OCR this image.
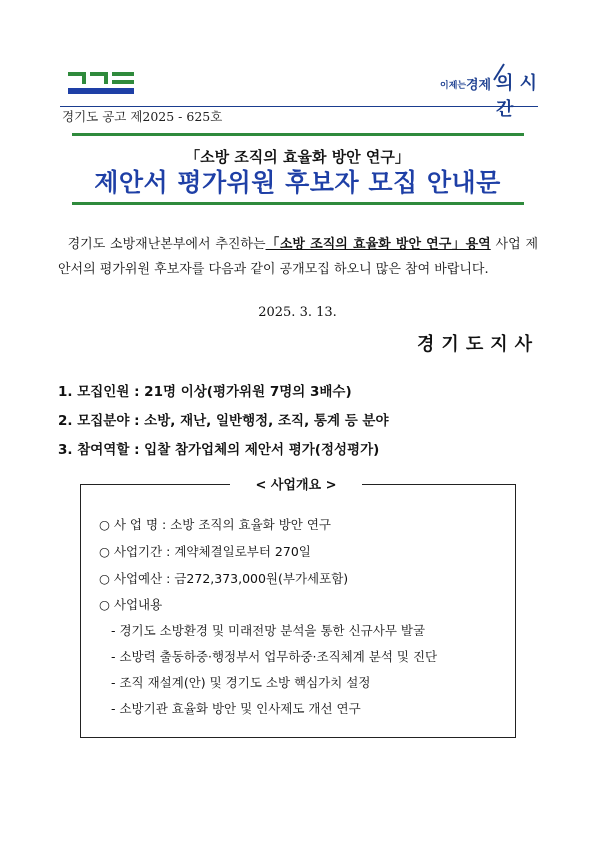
이제는 경제 의 시간
경기도 공고 제2025 - 625호
「소방 조직의 효율화 방안 연구」
제안서 평가위원 후보자 모집 안내문
경기도 소방재난본부에서 추진하는「소방 조직의 효율화 방안 연구」용역 사업 제안서의 평가위원 후보자를 다음과 같이 공개모집 하오니 많은 참여 바랍니다.
2025. 3. 13.
경기도지사
1. 모집인원 : 21명 이상(평가위원 7명의 3배수)
2. 모집분야 : 소방, 재난, 일반행정, 조직, 통계 등 분야
3. 참여역할 : 입찰 참가업체의 제안서 평가(정성평가)
○ 사 업 명 : 소방 조직의 효율화 방안 연구
○ 사업기간 : 계약체결일로부터 270일
○ 사업예산 : 금272,373,000원(부가세포함)
○ 사업내용
- 경기도 소방환경 및 미래전망 분석을 통한 신규사무 발굴
- 소방력 출동하중·행정부서 업무하중·조직체계 분석 및 진단
- 조직 재설계(안) 및 경기도 소방 핵심가치 설정
- 소방기관 효율화 방안 및 인사제도 개선 연구
< 사업개요 >
